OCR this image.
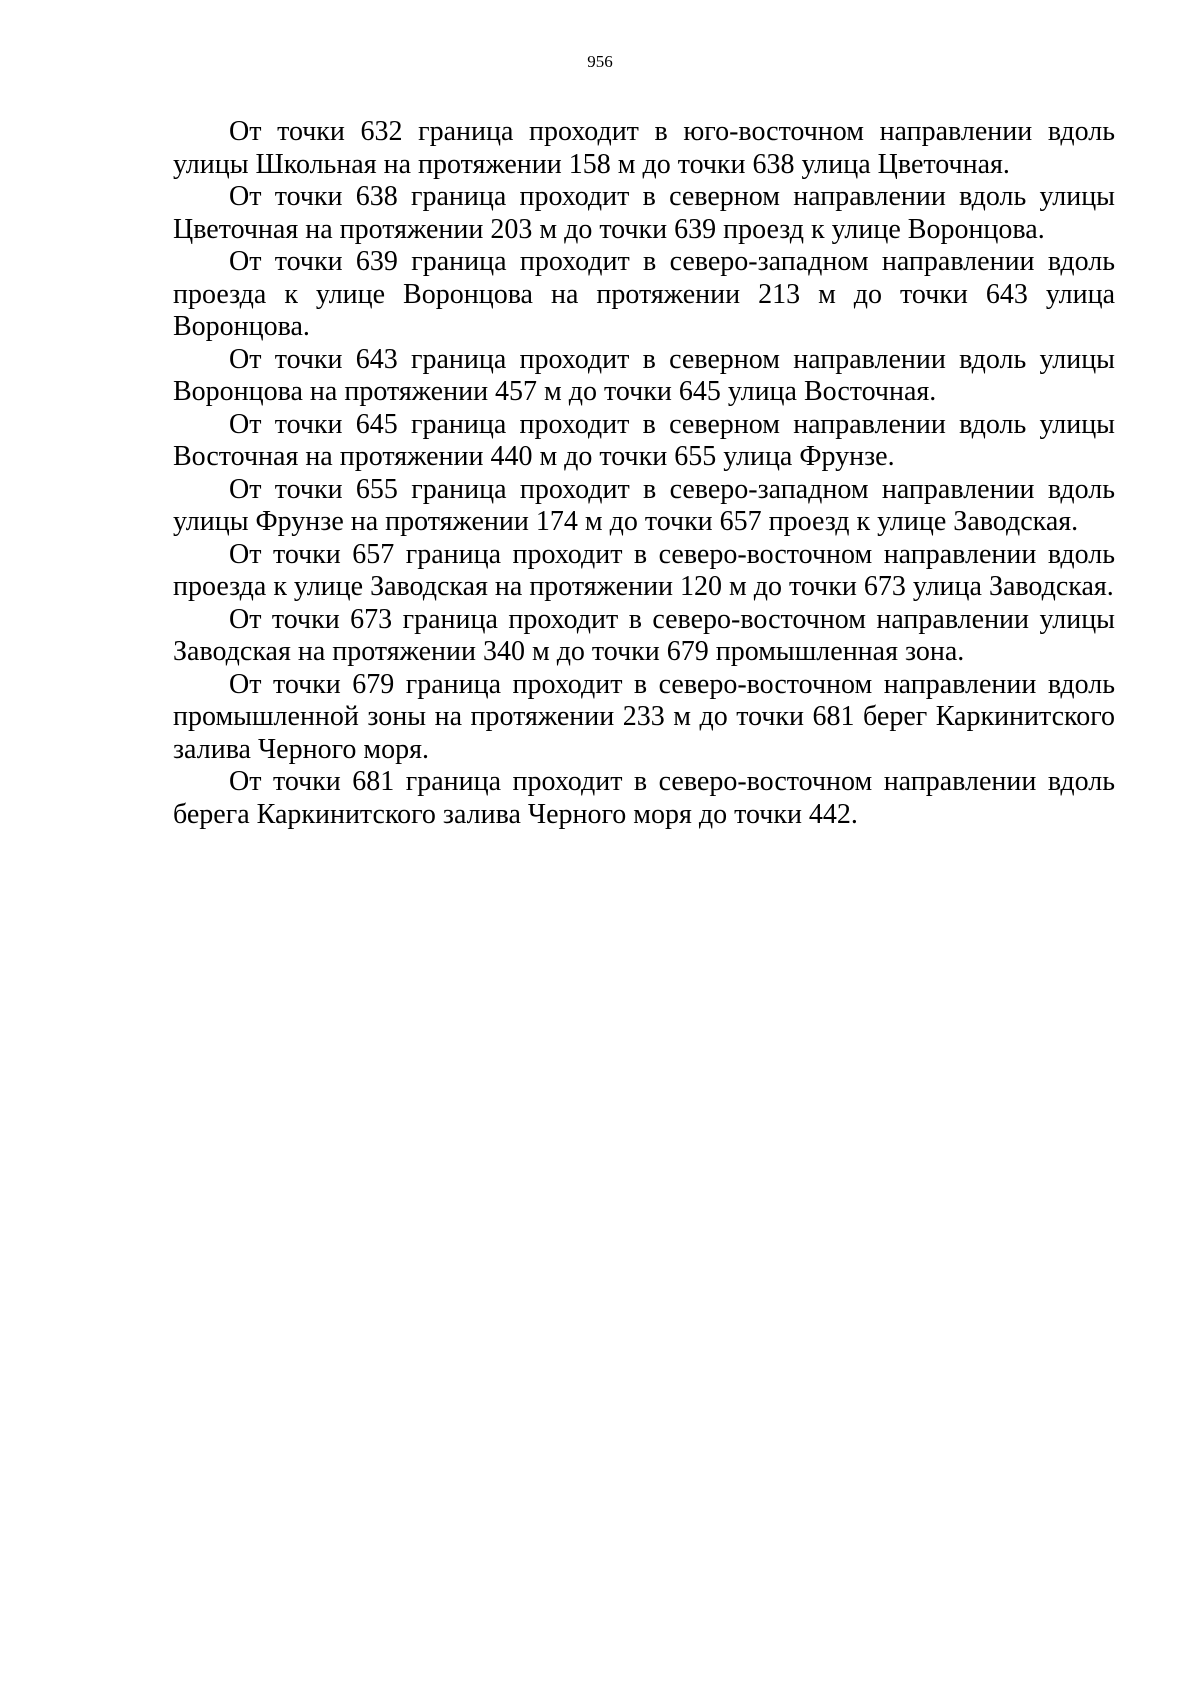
956

От точки 632 граница проходит в юго-восточном направлении вдоль улицы Школьная на протяжении 158 м до точки 638 улица Цветочная.

От точки 638 граница проходит в северном направлении вдоль улицы Цветочная на протяжении 203 м до точки 639 проезд к улице Воронцова.

От точки 639 граница проходит в северо-западном направлении вдоль проезда к улице Воронцова на протяжении 213 м до точки 643 улица Воронцова.

От точки 643 граница проходит в северном направлении вдоль улицы Воронцова на протяжении 457 м до точки 645 улица Восточная.

От точки 645 граница проходит в северном направлении вдоль улицы Восточная на протяжении 440 м до точки 655 улица Фрунзе.

От точки 655 граница проходит в северо-западном направлении вдоль улицы Фрунзе на протяжении 174 м до точки 657 проезд к улице Заводская.

От точки 657 граница проходит в северо-восточном направлении вдоль проезда к улице Заводская на протяжении 120 м до точки 673 улица Заводская.

От точки 673 граница проходит в северо-восточном направлении улицы Заводская на протяжении 340 м до точки 679 промышленная зона.

От точки 679 граница проходит в северо-восточном направлении вдоль промышленной зоны на протяжении 233 м до точки 681 берег Каркинитского залива Черного моря.

От точки 681 граница проходит в северо-восточном направлении вдоль берега Каркинитского залива Черного моря до точки 442.
